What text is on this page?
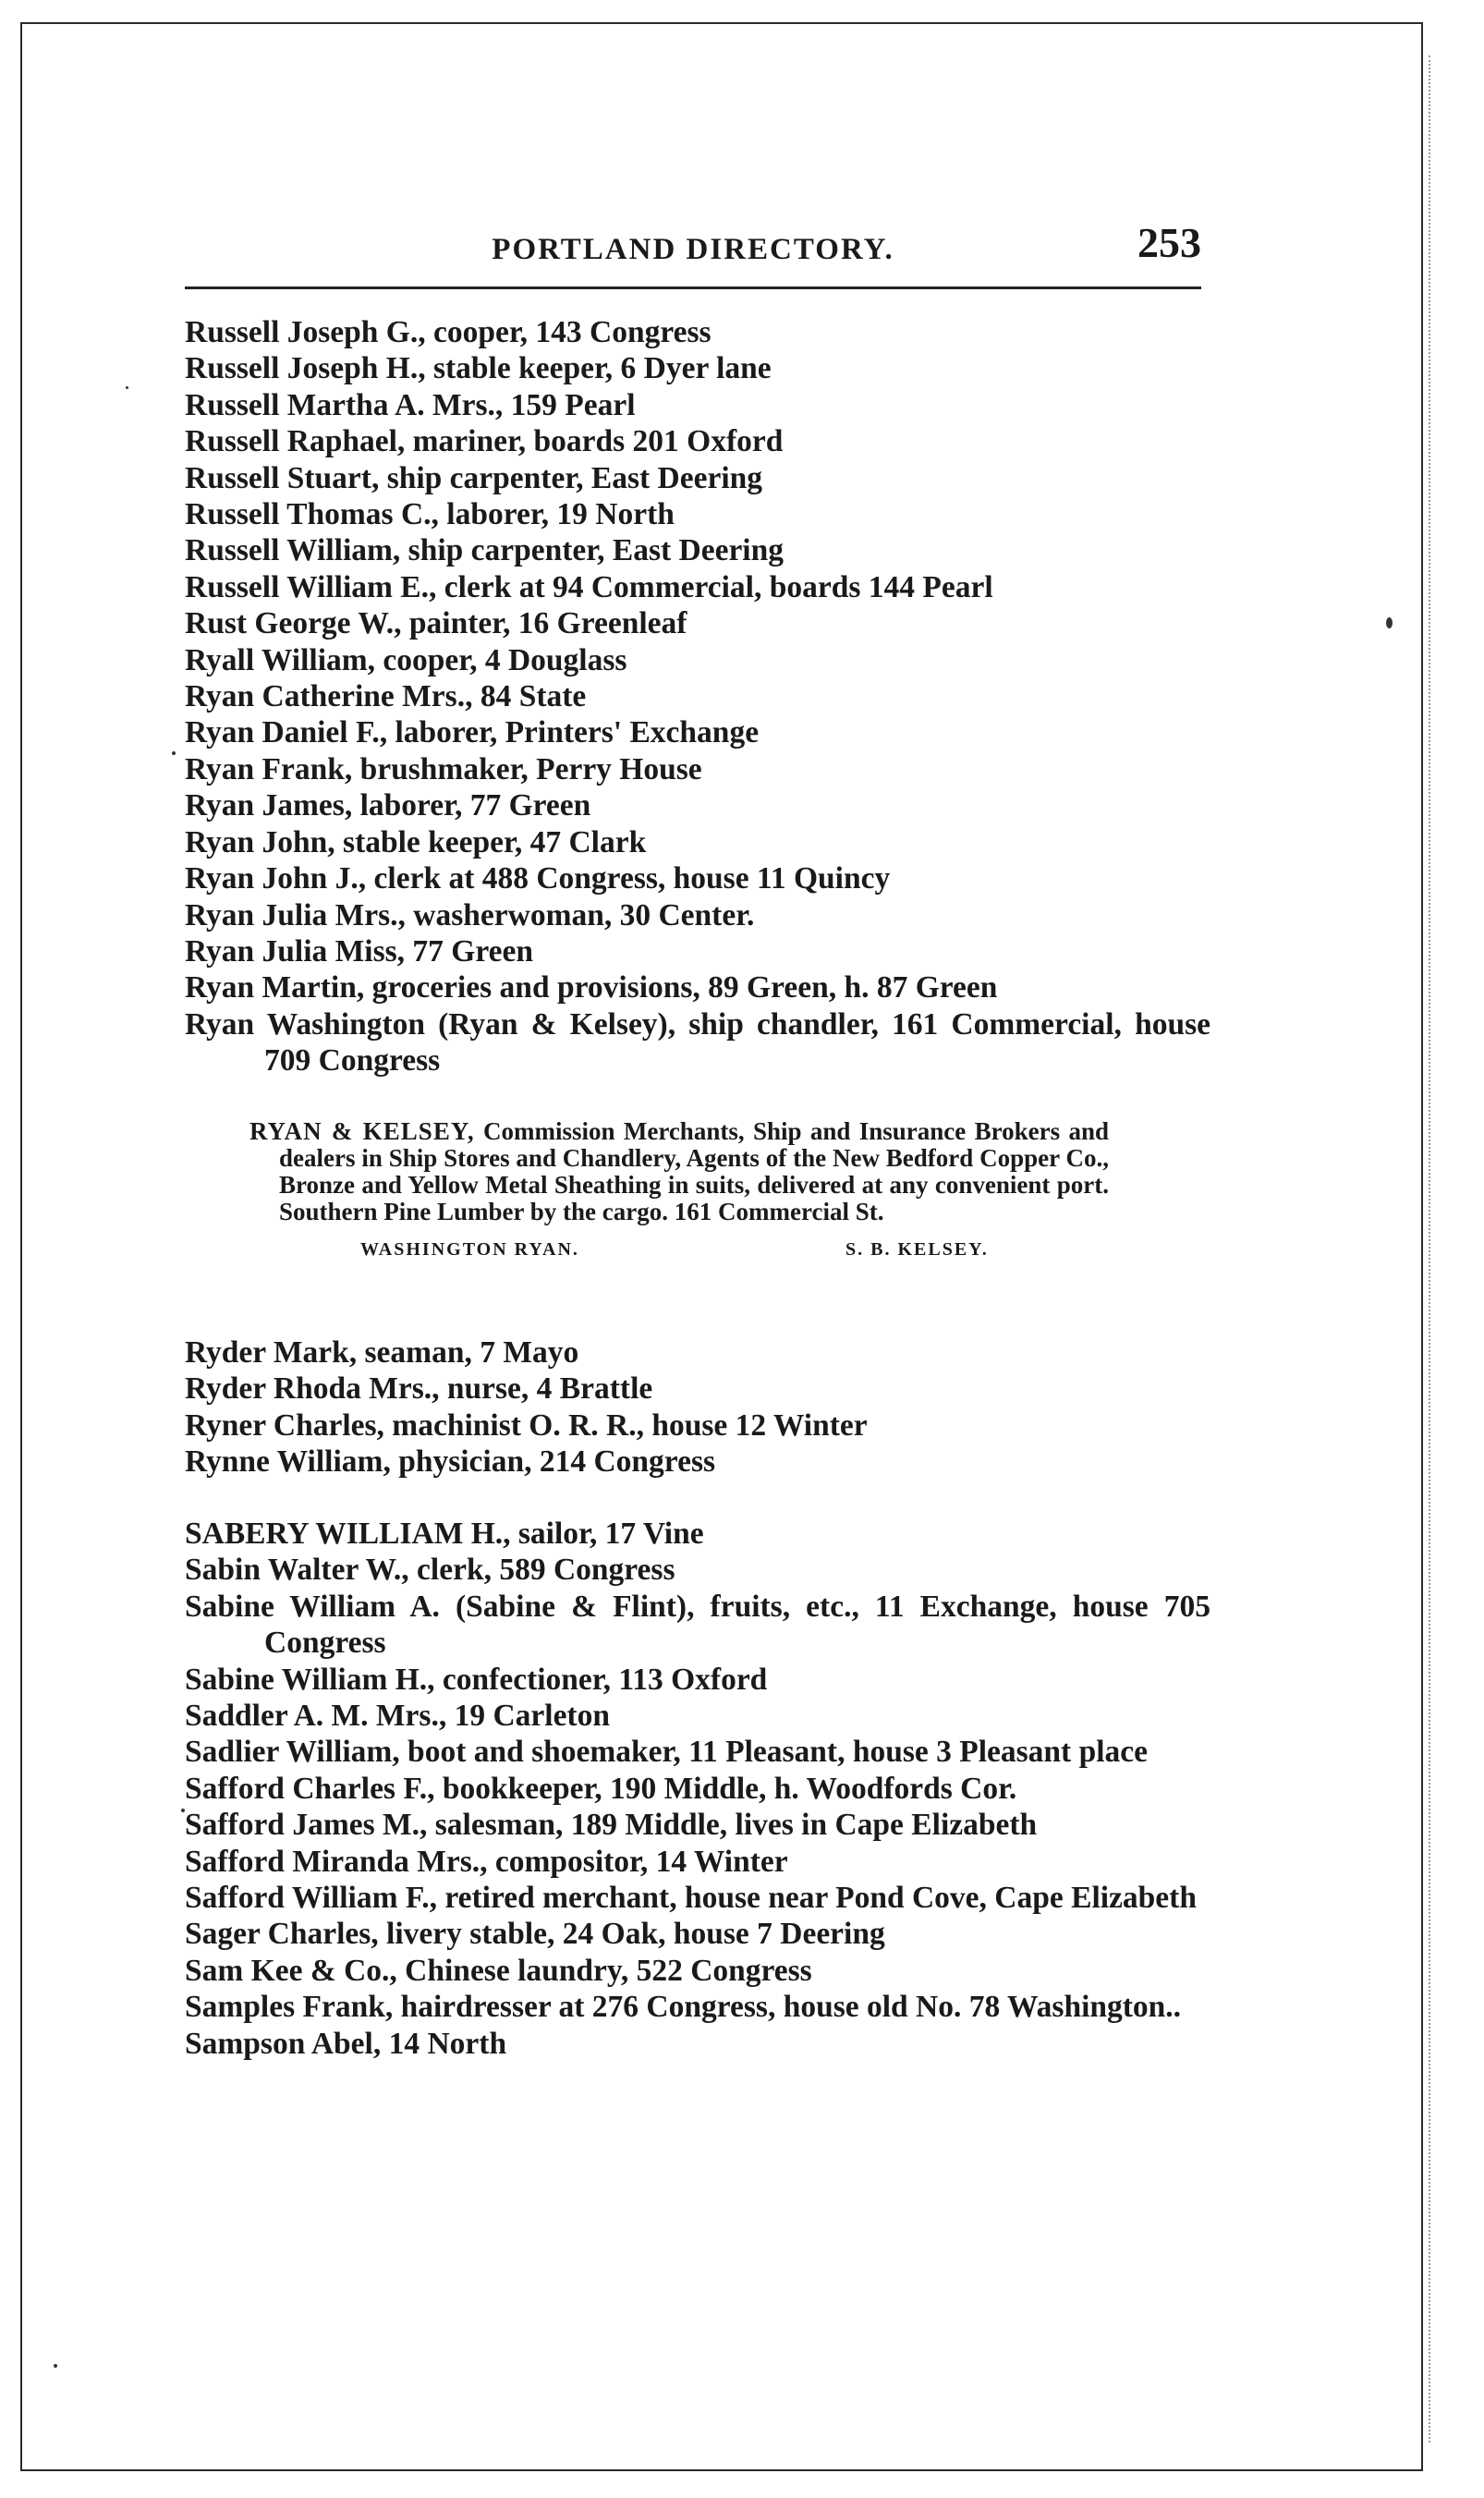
PORTLAND DIRECTORY.	253

Russell Joseph G., cooper, 143 Congress

Russell Joseph H., stable keeper, 6 Dyer lane

Russell Martha A. Mrs., 159 Pearl

Russell Raphael, mariner, boards 201 Oxford

Russell Stuart, ship carpenter, East Deering

Russell Thomas C., laborer, 19 North

Russell William, ship carpenter, East Deering

Russell William E., clerk at 94 Commercial, boards 144 Pearl

Rust George W., painter, 16 Greenleaf

Ryall William, cooper, 4 Douglass

Ryan Catherine Mrs., 84 State

Ryan Daniel F., laborer, Printers' Exchange

Ryan Frank, brushmaker, Perry House

Ryan James, laborer, 77 Green

Ryan John, stable keeper, 47 Clark

Ryan John J., clerk at 488 Congress, house 11 Quincy

Ryan Julia Mrs., washerwoman, 30 Center.

Ryan Julia Miss, 77 Green

Ryan Martin, groceries and provisions, 89 Green, h. 87 Green

Ryan Washington (Ryan & Kelsey), ship chandler, 161 Commercial, house 709 Congress

RYAN & KELSEY, Commission Merchants, Ship and Insurance Brokers and dealers in Ship Stores and Chandlery, Agents of the New Bedford Copper Co., Bronze and Yellow Metal Sheathing in suits, delivered at any convenient port. Southern Pine Lumber by the cargo. 161 Commercial St.

WASHINGTON RYAN.	S. B. KELSEY.

Ryder Mark, seaman, 7 Mayo

Ryder Rhoda Mrs., nurse, 4 Brattle

Ryner Charles, machinist O. R. R., house 12 Winter

Rynne William, physician, 214 Congress

SABERY WILLIAM H., sailor, 17 Vine

Sabin Walter W., clerk, 589 Congress

Sabine William A. (Sabine & Flint), fruits, etc., 11 Exchange, house 705 Congress

Sabine William H., confectioner, 113 Oxford

Saddler A. M. Mrs., 19 Carleton

Sadlier William, boot and shoemaker, 11 Pleasant, house 3 Pleasant place

Safford Charles F., bookkeeper, 190 Middle, h. Woodfords Cor.

Safford James M., salesman, 189 Middle, lives in Cape Elizabeth

Safford Miranda Mrs., compositor, 14 Winter

Safford William F., retired merchant, house near Pond Cove, Cape Elizabeth

Sager Charles, livery stable, 24 Oak, house 7 Deering

Sam Kee & Co., Chinese laundry, 522 Congress

Samples Frank, hairdresser at 276 Congress, house old No. 78 Washington..

Sampson Abel, 14 North
